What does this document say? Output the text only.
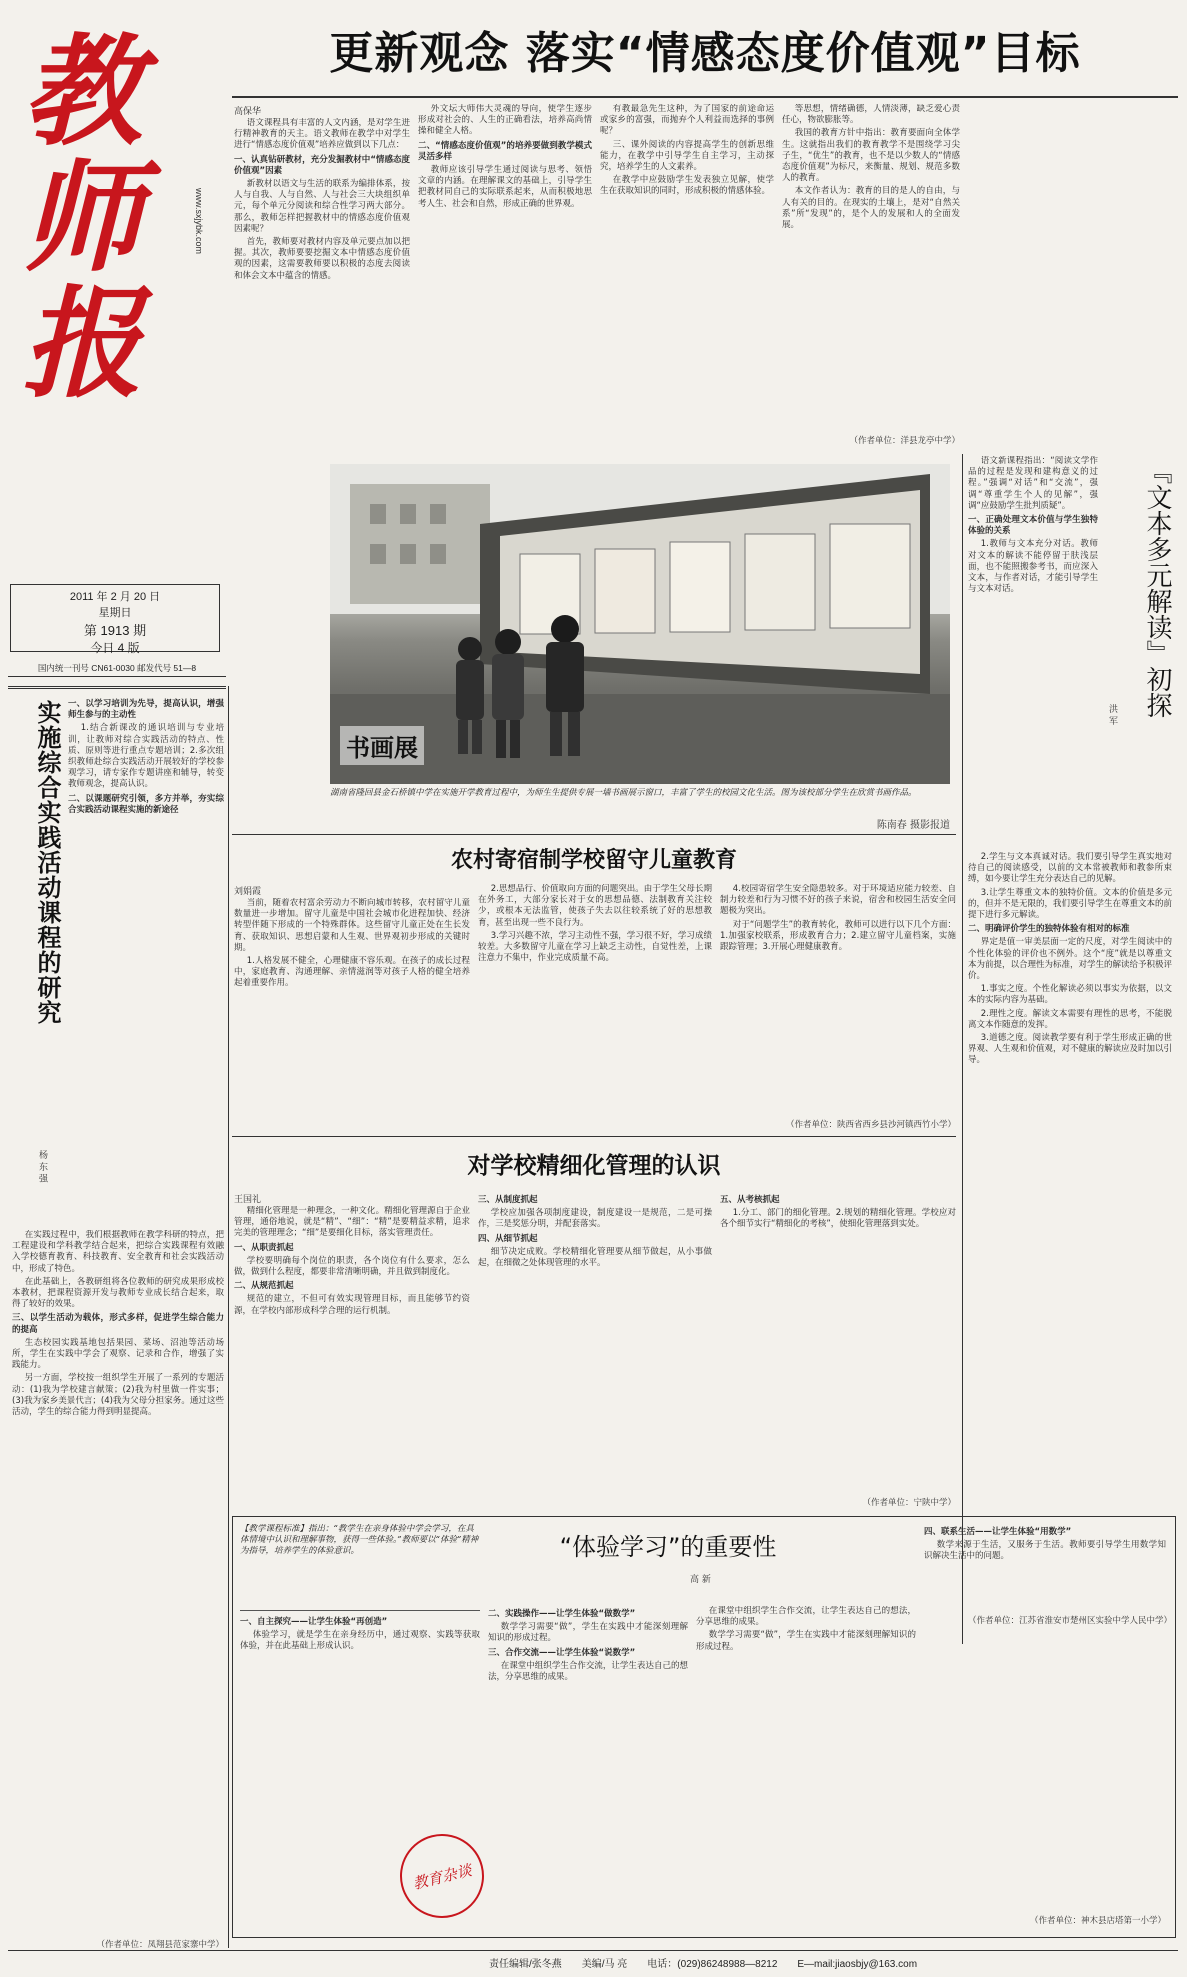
教师报	www.sxjybk.com
2011 年 2 月 20 日
星期日
第 1913 期
今日 4 版
国内统一刊号 CN61-0030 邮发代号 51—8
更新观念 落实“情感态度价值观”目标
高保华

语文课程具有丰富的人文内涵，是对学生进行精神教育的天主。语文教师在教学中对学生进行“情感态度价值观”培养应做到以下几点：

一、认真钻研教材，充分发掘教材中“情感态度价值观”因素

新教材以语文与生活的联系为编排体系，按人与自我、人与自然、人与社会三大块组织单元，每个单元分阅读和综合性学习两大部分。那么，教师怎样把握教材中的情感态度价值观因素呢？

首先，教师要对教材内容及单元要点加以把握。其次，教师要要挖掘文本中情感态度价值观的因素，这需要教师要以积极的态度去阅读和体会文本中蕴含的情感。

外文坛大师伟大灵魂的导向，使学生逐步形成对社会的、人生的正确看法，培养高尚情操和健全人格。

二、“情感态度价值观”的培养要做到教学模式灵活多样

教师应该引导学生通过阅读与思考、领悟文章的内涵。在理解课文的基础上，引导学生把教材同自己的实际联系起来，从而积极地思考人生、社会和自然，形成正确的世界观。

有教最急先生这种，为了国家的前途命运或家乡的富强，而抛弃个人利益而选择的事例呢？

三、课外阅读的内容提高学生的创新思维能力，在教学中引导学生自主学习，主动探究，培养学生的人文素养。

在教学中应鼓励学生发表独立见解，使学生在获取知识的同时，形成积极的情感体验。

等思想，情绪确德，人情淡薄，缺乏爱心责任心，物欲膨胀等。

我国的教育方针中指出：教育要面向全体学生。这就指出我们的教育教学不是围绕学习尖子生，“优生”的教育，也不是以少数人的“情感态度价值观”为标尺，来衡量、规划、规范多数人的教育。

本文作者认为：教育的目的是人的自由，与人有关的目的。在现实的土壤上，是对“自然关系”所“发现”的，是个人的发展和人的全面发展。

（作者单位：洋县龙亭中学）
书画展
湖南省隆回县金石桥镇中学在实施开学教育过程中，为师生生提供专展一墙书画展示窗口，丰富了学生的校园文化生活。图为该校部分学生在欣赏书画作品。
陈南春 摄影报道
实施综合实践活动课程的研究
杨 东 强

一、以学习培训为先导，提高认识，增强师生参与的主动性

1.结合新课改的通识培训与专业培训，让教师对综合实践活动的特点、性质、原则等进行重点专题培训；2.多次组织教师赴综合实践活动开展较好的学校参观学习，请专家作专题讲座和辅导，转变教师观念，提高认识。

二、以课题研究引领，多方并举，夯实综合实践活动课程实施的新途径

在实践过程中，我们根据教师在教学科研的特点，把工程建设和学科教学结合起来，把综合实践课程有效融入学校德育教育、科技教育、安全教育和社会实践活动中，形成了特色。

在此基础上，各教研组将各位教师的研究成果形成校本教材，把课程资源开发与教师专业成长结合起来，取得了较好的效果。

三、以学生活动为载体，形式多样，促进学生综合能力的提高

生态校园实践基地包括果园、菜场、沼池等活动场所，学生在实践中学会了观察、记录和合作，增强了实践能力。

另一方面，学校按一组织学生开展了一系列的专题活动：(1)我为学校建言献策；(2)我为村里做一件实事；(3)我为家乡美景代言；(4)我为父母分担家务。通过这些活动，学生的综合能力得到明显提高。

（作者单位：凤翔县范家寨中学）
『文本多元解读』初探
洪 军

语文新课程指出：“阅读文学作品的过程是发现和建构意义的过程。”强调“对话”和“交流”，强调“尊重学生个人的见解”，强调“应鼓励学生批判质疑”。

一、正确处理文本价值与学生独特体验的关系

1.教师与文本充分对话。教师对文本的解读不能停留于肤浅层面，也不能照搬参考书，而应深入文本，与作者对话，才能引导学生与文本对话。

2.学生与文本真诚对话。我们要引导学生真实地对待自己的阅读感受，以前的文本常被教师和教参所束缚，如今要让学生充分表达自己的见解。

3.让学生尊重文本的独特价值。文本的价值是多元的，但并不是无限的，我们要引导学生在尊重文本的前提下进行多元解读。

二、明确评价学生的独特体验有相对的标准

界定是值一审美层面一定的尺度，对学生阅读中的个性化体验的评价也不例外。这个“度”就是以尊重文本为前提，以合理性为标准，对学生的解读给予积极评价。

1.事实之度。个性化解读必须以事实为依据，以文本的实际内容为基础。

2.理性之度。解读文本需要有理性的思考，不能脱离文本作随意的发挥。

3.道德之度。阅读教学要有利于学生形成正确的世界观、人生观和价值观，对不健康的解读应及时加以引导。

（作者单位：江苏省淮安市楚州区实验中学人民中学）
农村寄宿制学校留守儿童教育
刘娟霞

当前，随着农村富余劳动力不断向城市转移，农村留守儿童数量进一步增加。留守儿童是中国社会城市化进程加快、经济转型伴随下形成的一个特殊群体。这些留守儿童正处在生长发育、获取知识、思想启蒙和人生观、世界观初步形成的关键时期。

1.人格发展不健全，心理健康不容乐观。在孩子的成长过程中，家庭教育、沟通理解、亲情滋润等对孩子人格的健全培养起着重要作用。

2.思想品行、价值取向方面的问题突出。由于学生父母长期在外务工，大部分家长对于女的思想品德、法制教育关注较少，或根本无法监管，使孩子失去以往较系统了好的思想教育，甚至出现一些不良行为。

3.学习兴趣不浓，学习主动性不强，学习很不好，学习成绩较差。大多数留守儿童在学习上缺乏主动性，自觉性差，上课注意力不集中，作业完成质量不高。

4.校园寄宿学生安全隐患较多。对于环境适应能力较差、自制力较差和行为习惯不好的孩子来说，宿舍和校园生活安全问题极为突出。

对于“问题学生”的教育转化，教师可以进行以下几个方面：1.加强家校联系，形成教育合力；2.建立留守儿童档案，实施跟踪管理；3.开展心理健康教育。

（作者单位：陕西省西乡县沙河镇西竹小学）
对学校精细化管理的认识
王国礼

精细化管理是一种理念，一种文化。精细化管理源自于企业管理，通俗地说，就是“精”、“细”：“精”是要精益求精，追求完美的管理理念；“细”是要细化目标，落实管理责任。

一、从职责抓起

学校要明确每个岗位的职责，各个岗位有什么要求，怎么做，做到什么程度，都要非常清晰明确，并且做到制度化。

二、从规范抓起

规范的建立，不但可有效实现管理目标，而且能够节约资源，在学校内部形成科学合理的运行机制。

三、从制度抓起

学校应加强各项制度建设，制度建设一是规范，二是可操作，三是奖惩分明，并配套落实。

四、从细节抓起

细节决定成败。学校精细化管理要从细节做起，从小事做起，在细微之处体现管理的水平。

五、从考核抓起

1.分工、部门的细化管理。2.规划的精细化管理。学校应对各个细节实行“精细化的考核”，使细化管理落到实处。

（作者单位：宁陕中学）
【教学课程标准】指出：“教学生在亲身体验中学会学习，在具体情境中认识和理解事物，获得一些体验。”教师要以“体验”精神为指导，培养学生的体验意识。	“体验学习”的重要性
高 新

一、自主探究——让学生体验“再创造”

体验学习，就是学生在亲身经历中，通过观察、实践等获取体验，并在此基础上形成认识。

教育杂谈

二、实践操作——让学生体验“做数学”

数学学习需要“做”，学生在实践中才能深刻理解知识的形成过程。

三、合作交流——让学生体验“说数学”

在课堂中组织学生合作交流，让学生表达自己的想法，分享思维的成果。

在课堂中组织学生合作交流，让学生表达自己的想法，分享思维的成果。

数学学习需要“做”，学生在实践中才能深刻理解知识的形成过程。

四、联系生活——让学生体验“用数学”

数学来源于生活，又服务于生活。教师要引导学生用数学知识解决生活中的问题。

（作者单位：神木县店塔第一小学）
责任编辑/张冬燕　　美编/马 亮　　电话：(029)86248988—8212　　E—mail:jiaosbjy@163.com
